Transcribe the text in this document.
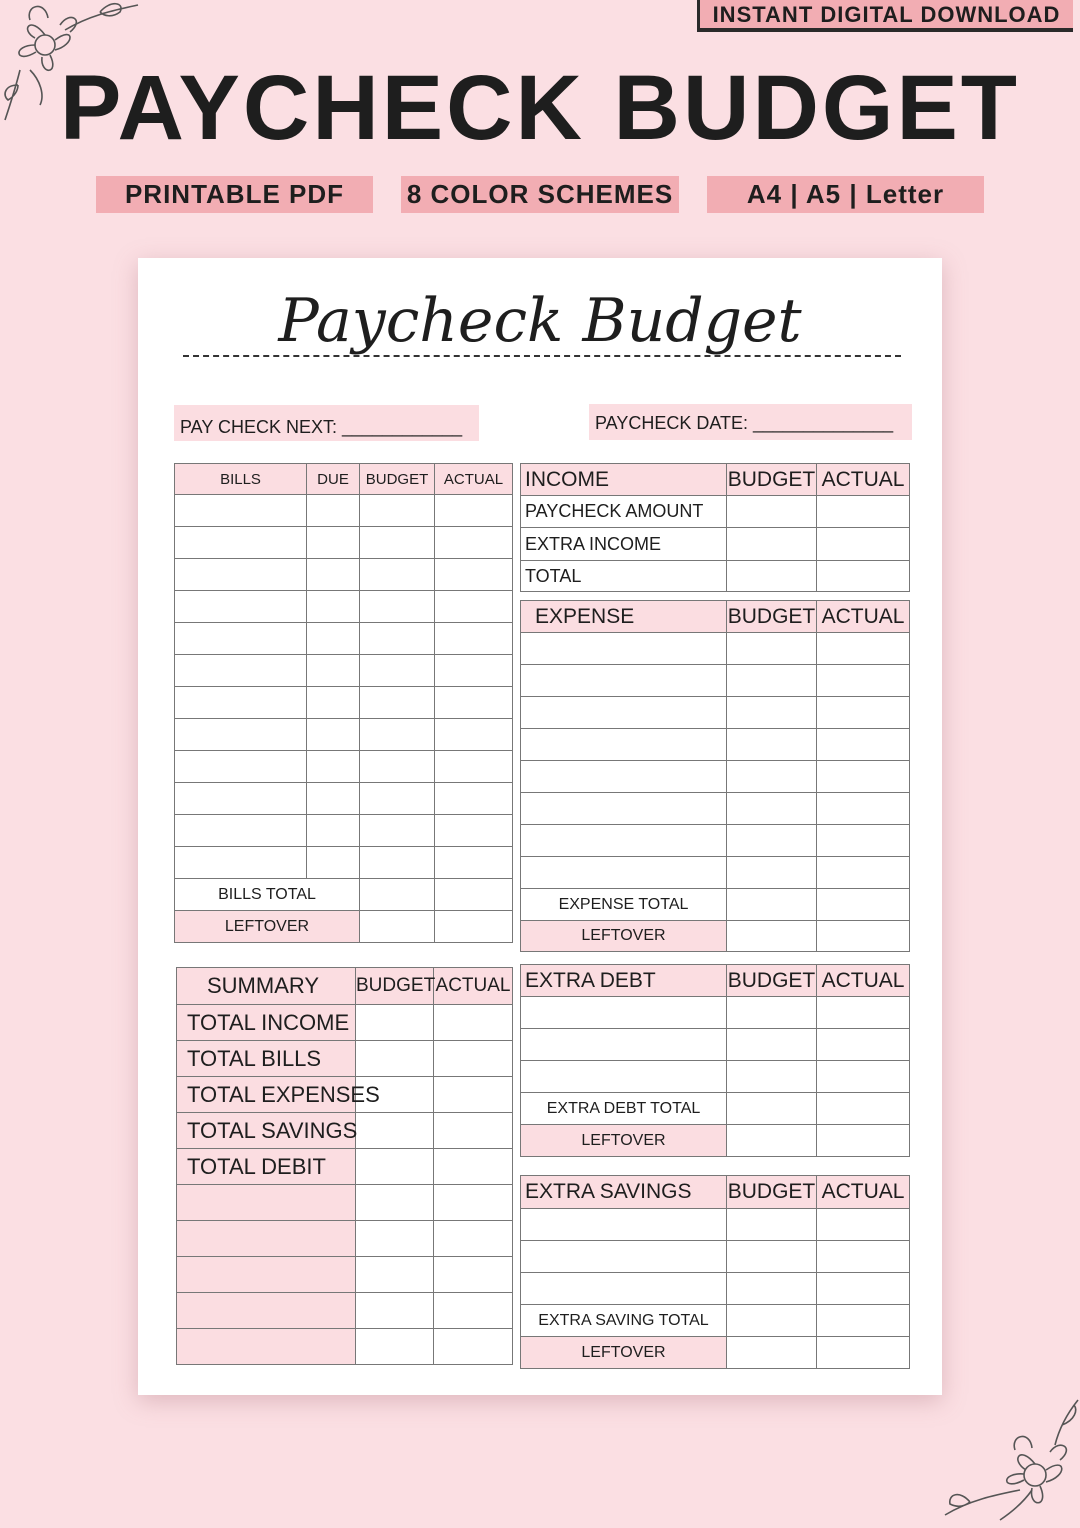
INSTANT DIGITAL DOWNLOAD
PAYCHECK BUDGET
PRINTABLE PDF	8 COLOR SCHEMES	A4 | A5 | Letter
Paycheck Budget
PAY CHECK NEXT: ____________	PAYCHECK DATE: ______________
BILLS	DUE	BUDGET	ACTUAL

BILLS TOTAL			
LEFTOVER			
INCOME	BUDGET	ACTUAL
PAYCHECK AMOUNT		
EXTRA INCOME		
TOTAL		
EXPENSE	BUDGET	ACTUAL

EXPENSE TOTAL		
LEFTOVER		
SUMMARY	BUDGET	ACTUAL
TOTAL INCOME		
TOTAL BILLS		
TOTAL EXPENSES		
TOTAL SAVINGS		
TOTAL DEBIT		

EXTRA DEBT	BUDGET	ACTUAL

EXTRA DEBT TOTAL		
LEFTOVER		
EXTRA SAVINGS	BUDGET	ACTUAL

EXTRA SAVING TOTAL		
LEFTOVER		
